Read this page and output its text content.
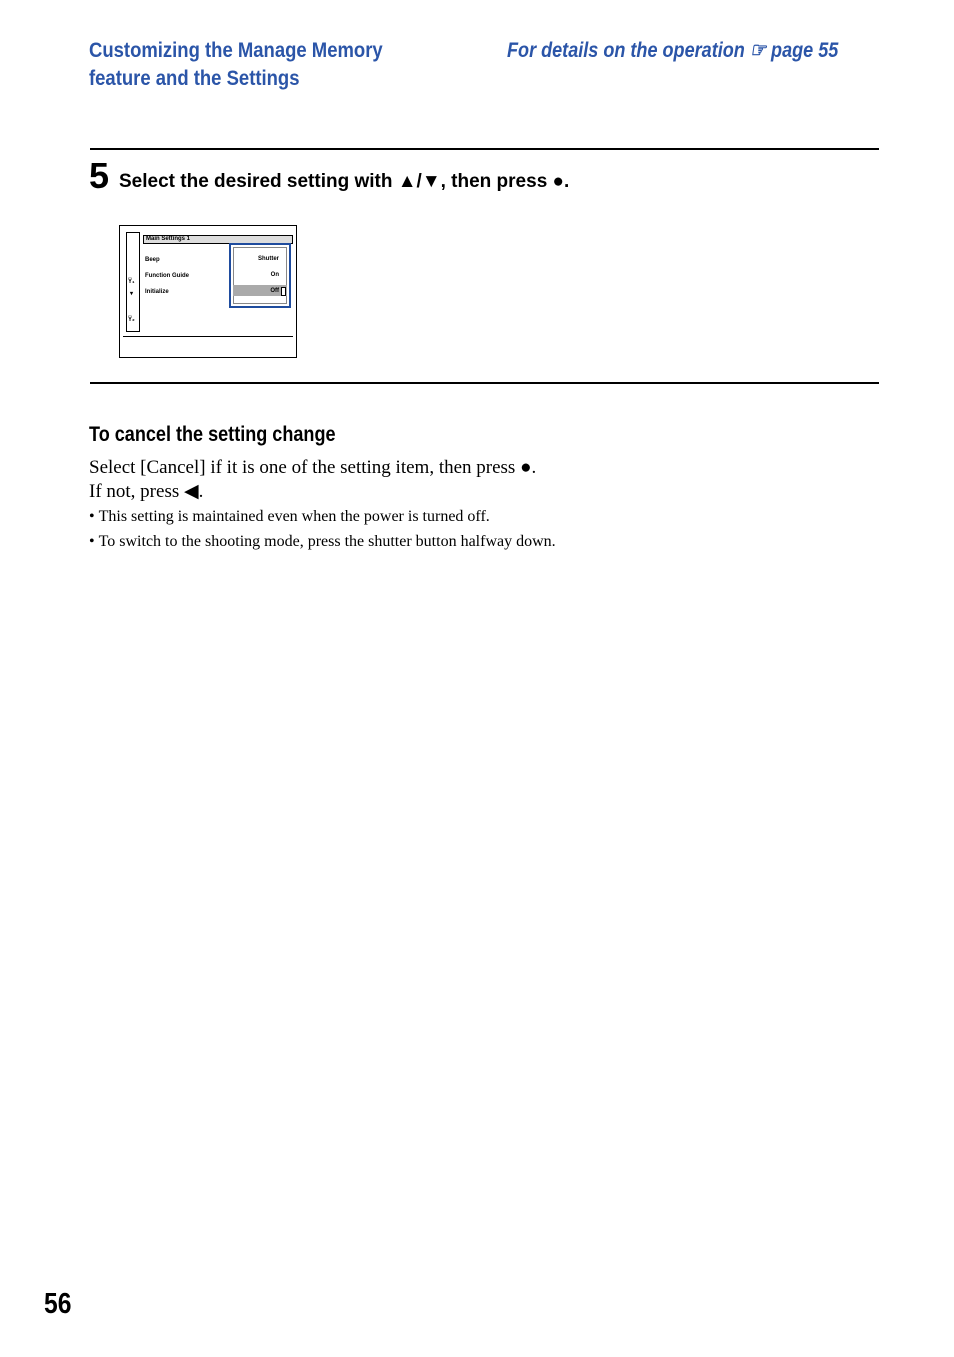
Customizing the Manage Memory feature and the Settings
For details on the operation ☞ page 55
5 Select the desired setting with ▲/▼, then press ●.
Y̅₁
▾
Y̅₂
Main Settings 1
Beep
Function Guide
Initialize
Shutter
On
Off
To cancel the setting change
Select [Cancel] if it is one of the setting item, then press ●.
If not, press ◀.
• This setting is maintained even when the power is turned off.
• To switch to the shooting mode, press the shutter button halfway down.
56
